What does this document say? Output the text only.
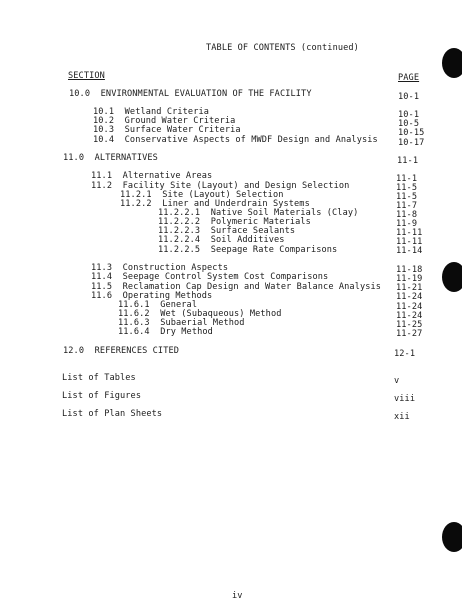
TABLE OF CONTENTS (continued)
SECTION	PAGE
10.0  ENVIRONMENTAL EVALUATION OF THE FACILITY	10-1
10.1  Wetland Criteria	10-1
10.2  Ground Water Criteria	10-5
10.3  Surface Water Criteria	10-15
10.4  Conservative Aspects of MWDF Design and Analysis 10-17
11.0  ALTERNATIVES	11-1
11.1  Alternative Areas	11-1
11.2  Facility Site (Layout) and Design Selection	11-5
11.2.1  Site (Layout) Selection	11-5
11.2.2  Liner and Underdrain Systems	11-7
11.2.2.1  Native Soil Materials (Clay)	11-8
11.2.2.2  Polymeric Materials	11-9
11.2.2.3  Surface Sealants	11-11
11.2.2.4  Soil Additives	11-11
11.2.2.5  Seepage Rate Comparisons	11-14
11.3  Construction Aspects	11-18
11.4  Seepage Control System Cost Comparisons	11-19
11.5  Reclamation Cap Design and Water Balance Analysis 11-21
11.6  Operating Methods	11-24
11.6.1  General	11-24
11.6.2  Wet (Subaqueous) Method	11-24
11.6.3  Subaerial Method	11-25
11.6.4  Dry Method	11-27
12.0  REFERENCES CITED	12-1
List of Tables	v
List of Figures	viii
List of Plan Sheets	xii
iv
